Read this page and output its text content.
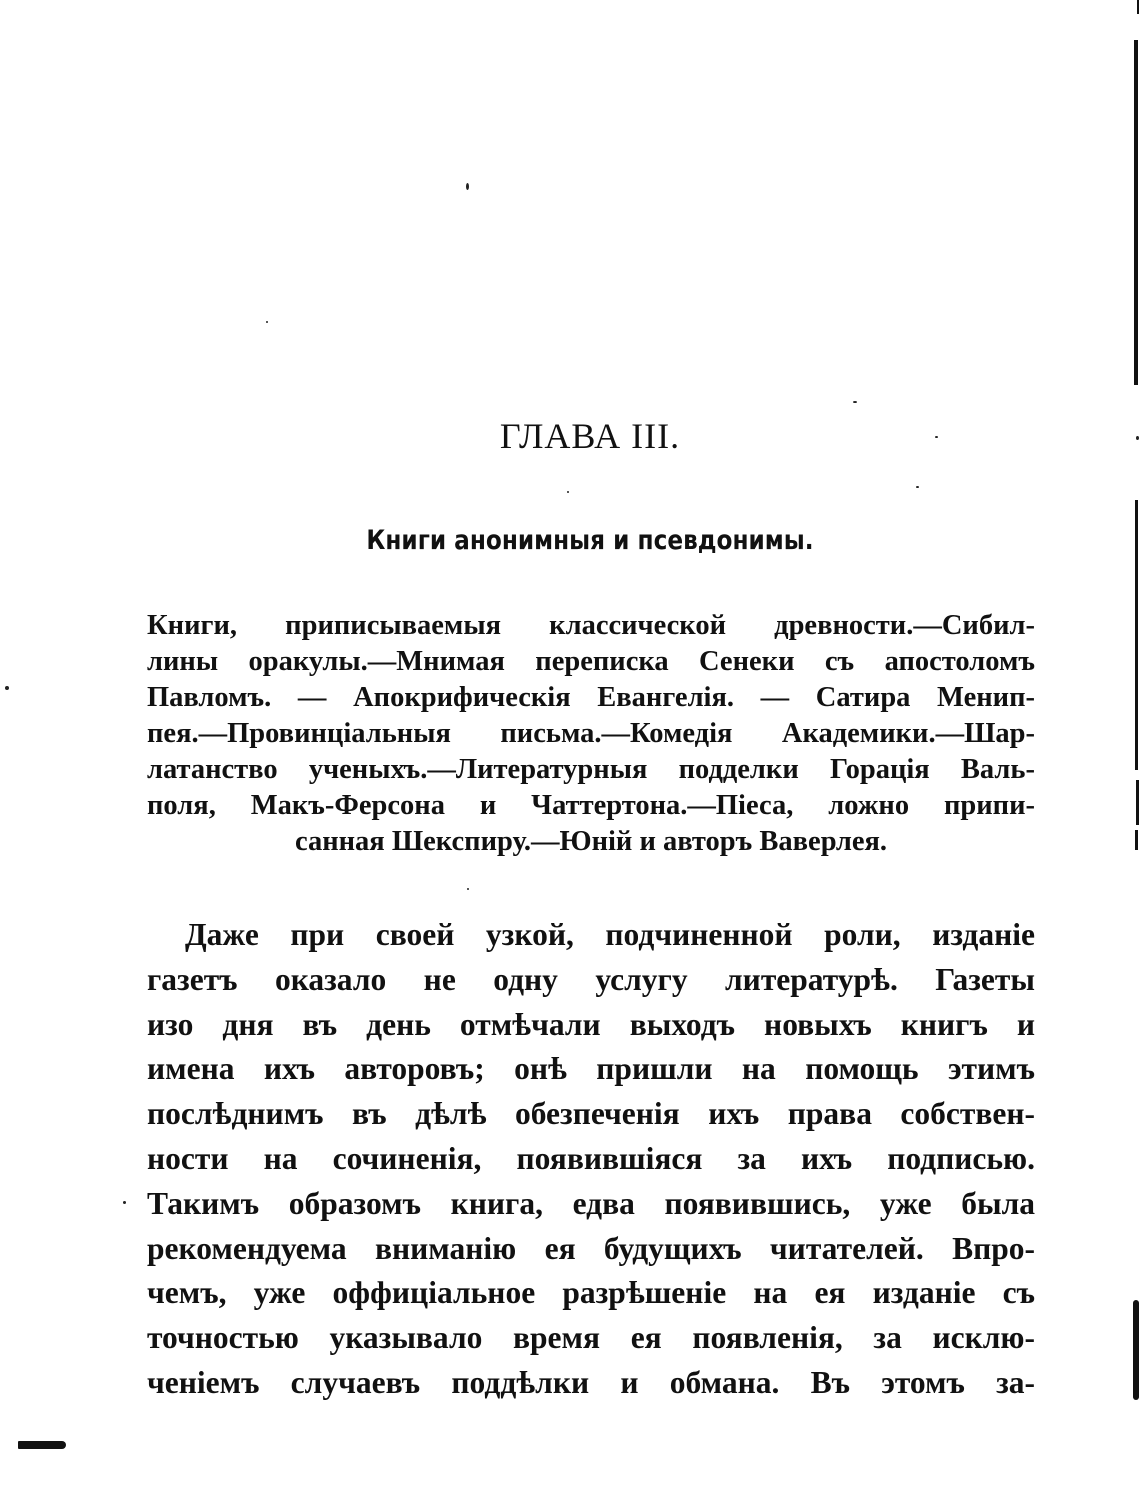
ГЛАВА III.
Книги анонимныя и псевдонимы.
Книги, приписываемыя классической древности.—Сибил-
лины оракулы.—Мнимая переписка Сенеки съ апостоломъ
Павломъ. — Апокрифическія Евангелія. — Сатира Менип-
пея.—Провинціальныя письма.—Комедія Академики.—Шар-
латанство ученыхъ.—Литературныя подделки Горація Валь-
поля, Макъ-Ферсона и Чаттертона.—Піеса, ложно припи-
санная Шекспиру.—Юній и авторъ Ваверлея.
Даже при своей узкой, подчиненной роли, изданіе
газетъ оказало не одну услугу литературѣ. Газеты
изо дня въ день отмѣчали выходъ новыхъ книгъ и
имена ихъ авторовъ; онѣ пришли на помощь этимъ
послѣднимъ въ дѣлѣ обезпеченія ихъ права собствен-
ности на сочиненія, появившіяся за ихъ подписью.
Такимъ образомъ книга, едва появившись, уже была
рекомендуема вниманію ея будущихъ читателей. Впро-
чемъ, уже оффиціальное разрѣшеніе на ея изданіе съ
точностью указывало время ея появленія, за исклю-
ченіемъ случаевъ поддѣлки и обмана. Въ этомъ за-
